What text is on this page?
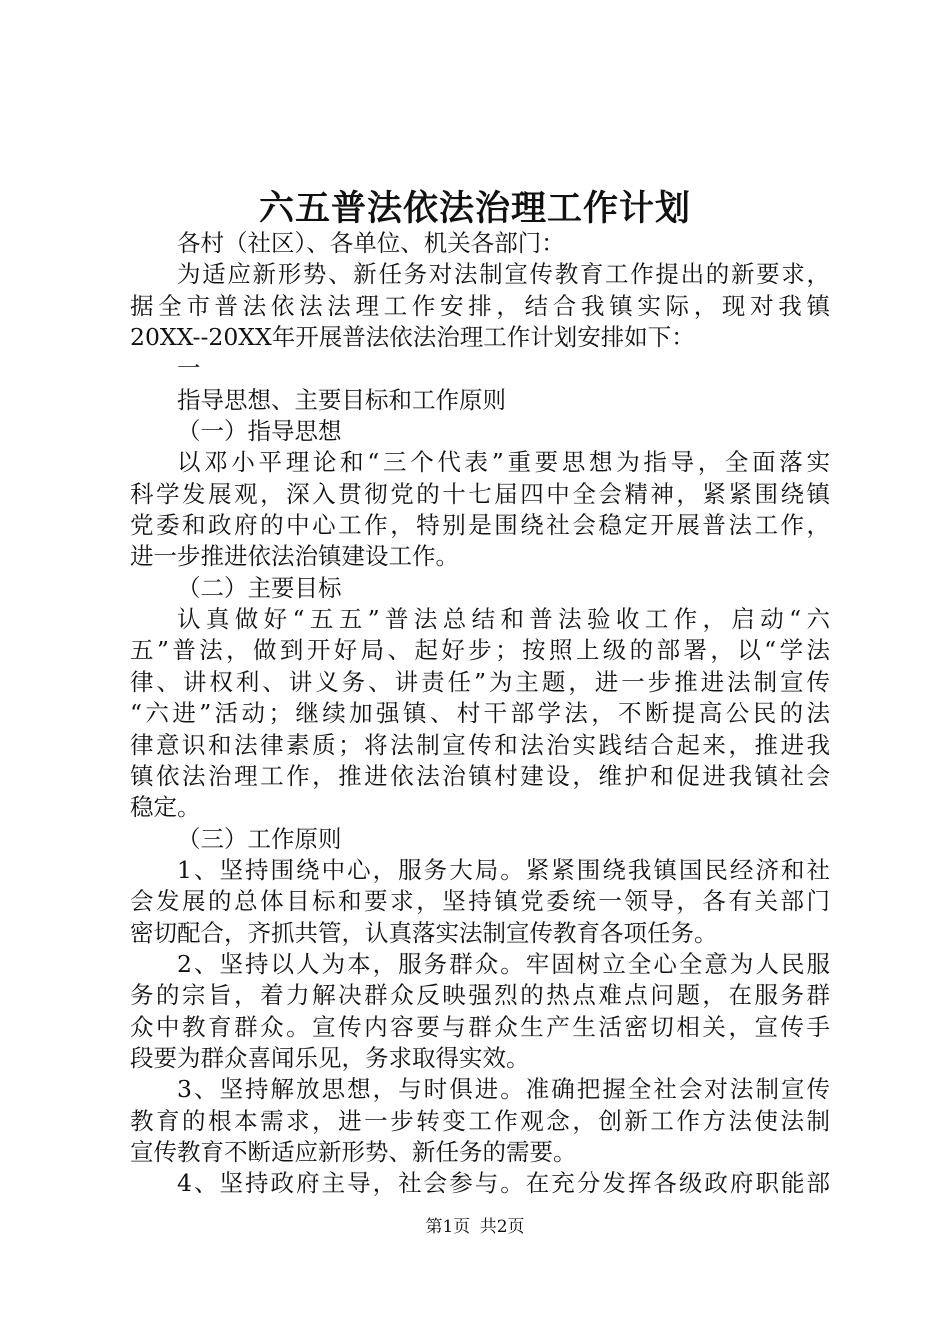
六五普法依法治理工作计划
各村（社区）、各单位、机关各部门：
为适应新形势、新任务对法制宣传教育工作提出的新要求，
据全市普法依法法理工作安排，结合我镇实际，现对我镇
20XX--20XX年开展普法依法治理工作计划安排如下：
一
指导思想、主要目标和工作原则
（一）指导思想
以邓小平理论和“三个代表”重要思想为指导，全面落实
科学发展观，深入贯彻党的十七届四中全会精神，紧紧围绕镇
党委和政府的中心工作，特别是围绕社会稳定开展普法工作，
进一步推进依法治镇建设工作。
（二）主要目标
认真做好“五五”普法总结和普法验收工作，启动“六
五”普法，做到开好局、起好步；按照上级的部署，以“学法
律、讲权利、讲义务、讲责任”为主题，进一步推进法制宣传
“六进”活动；继续加强镇、村干部学法，不断提高公民的法
律意识和法律素质；将法制宣传和法治实践结合起来，推进我
镇依法治理工作，推进依法治镇村建设，维护和促进我镇社会
稳定。
（三）工作原则
1、坚持围绕中心，服务大局。紧紧围绕我镇国民经济和社
会发展的总体目标和要求，坚持镇党委统一领导，各有关部门
密切配合，齐抓共管，认真落实法制宣传教育各项任务。
2、坚持以人为本，服务群众。牢固树立全心全意为人民服
务的宗旨，着力解决群众反映强烈的热点难点问题，在服务群
众中教育群众。宣传内容要与群众生产生活密切相关，宣传手
段要为群众喜闻乐见，务求取得实效。
3、坚持解放思想，与时俱进。准确把握全社会对法制宣传
教育的根本需求，进一步转变工作观念，创新工作方法使法制
宣传教育不断适应新形势、新任务的需要。
4、坚持政府主导，社会参与。在充分发挥各级政府职能部
第1页 共2页
